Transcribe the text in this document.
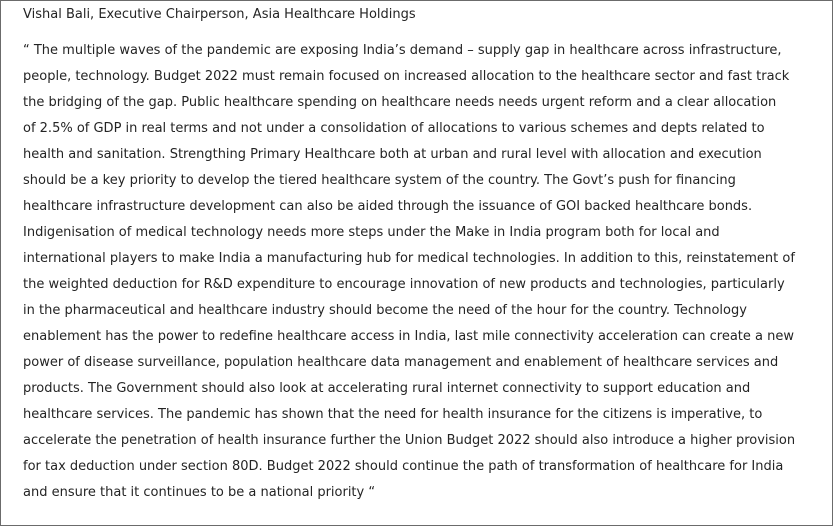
Vishal Bali, Executive Chairperson, Asia Healthcare Holdings

“ The multiple waves of the pandemic are exposing India’s demand – supply gap in healthcare across infrastructure,
people, technology. Budget 2022 must remain focused on increased allocation to the healthcare sector and fast track
the bridging of the gap. Public healthcare spending on healthcare needs needs urgent reform and a clear allocation
of 2.5% of GDP in real terms and not under a consolidation of allocations to various schemes and depts related to
health and sanitation. Strengthing Primary Healthcare both at urban and rural level with allocation and execution
should be a key priority to develop the tiered healthcare system of the country. The Govt’s push for financing
healthcare infrastructure development can also be aided through the issuance of GOI backed healthcare bonds.
Indigenisation of medical technology needs more steps under the Make in India program both for local and
international players to make India a manufacturing hub for medical technologies. In addition to this, reinstatement of
the weighted deduction for R&D expenditure to encourage innovation of new products and technologies, particularly
in the pharmaceutical and healthcare industry should become the need of the hour for the country. Technology
enablement has the power to redefine healthcare access in India, last mile connectivity acceleration can create a new
power of disease surveillance, population healthcare data management and enablement of healthcare services and
products. The Government should also look at accelerating rural internet connectivity to support education and
healthcare services. The pandemic has shown that the need for health insurance for the citizens is imperative, to
accelerate the penetration of health insurance further the Union Budget 2022 should also introduce a higher provision
for tax deduction under section 80D. Budget 2022 should continue the path of transformation of healthcare for India
and ensure that it continues to be a national priority “
